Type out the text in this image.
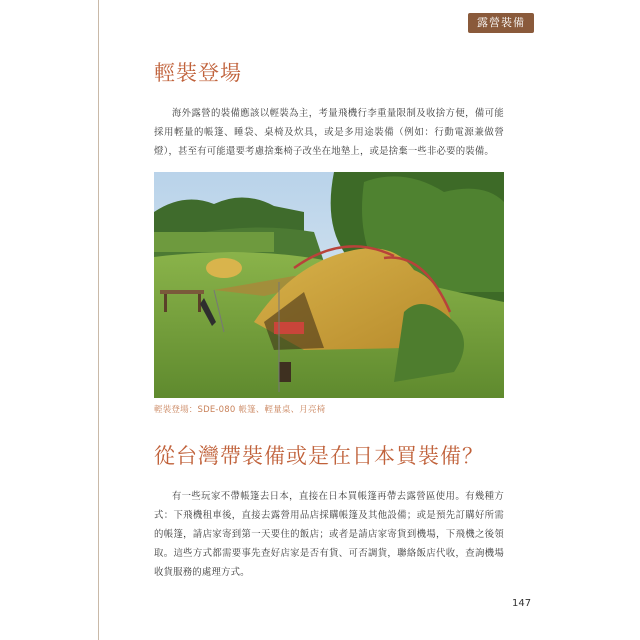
露營裝備
輕裝登場

海外露營的裝備應該以輕裝為主，考量飛機行李重量限制及收捨方便，備可能採用輕量的帳篷、睡袋、桌椅及炊具，或是多用途裝備（例如：行動電源兼做營燈），甚至有可能還要考慮捨棄椅子改坐在地墊上，或是捨棄一些非必要的裝備。

輕裝登場：SDE-080 帳篷、輕量桌、月亮椅
從台灣帶裝備或是在日本買裝備？

有一些玩家不帶帳篷去日本，直接在日本買帳篷再帶去露營區使用。有幾種方式：下飛機租車後，直接去露營用品店採購帳篷及其他設備；或是預先訂購好所需的帳篷，請店家寄到第一天要住的飯店；或者是請店家寄貨到機場，下飛機之後領取。這些方式都需要事先查好店家是否有貨、可否調貨，聯絡飯店代收，查詢機場收貨服務的處理方式。

147
